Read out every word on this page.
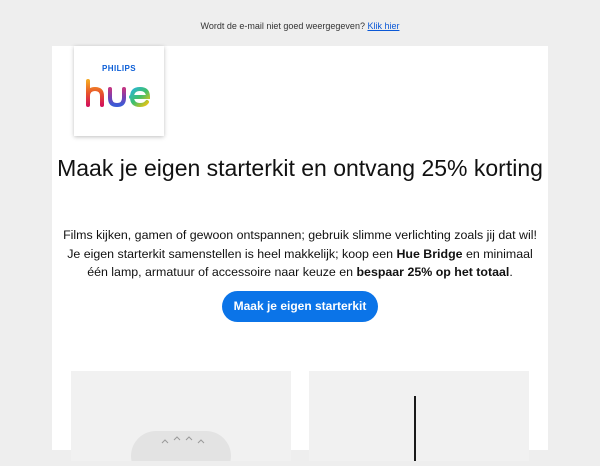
Wordt de e-mail niet goed weergegeven? Klik hier
PHILIPS
Maak je eigen starterkit en ontvang 25% korting
Films kijken, gamen of gewoon ontspannen; gebruik slimme verlichting zoals jij dat wil! Je eigen starterkit samenstellen is heel makkelijk; koop een Hue Bridge en minimaal één lamp, armatuur of accessoire naar keuze en bespaar 25% op het totaal.
Maak je eigen starterkit
